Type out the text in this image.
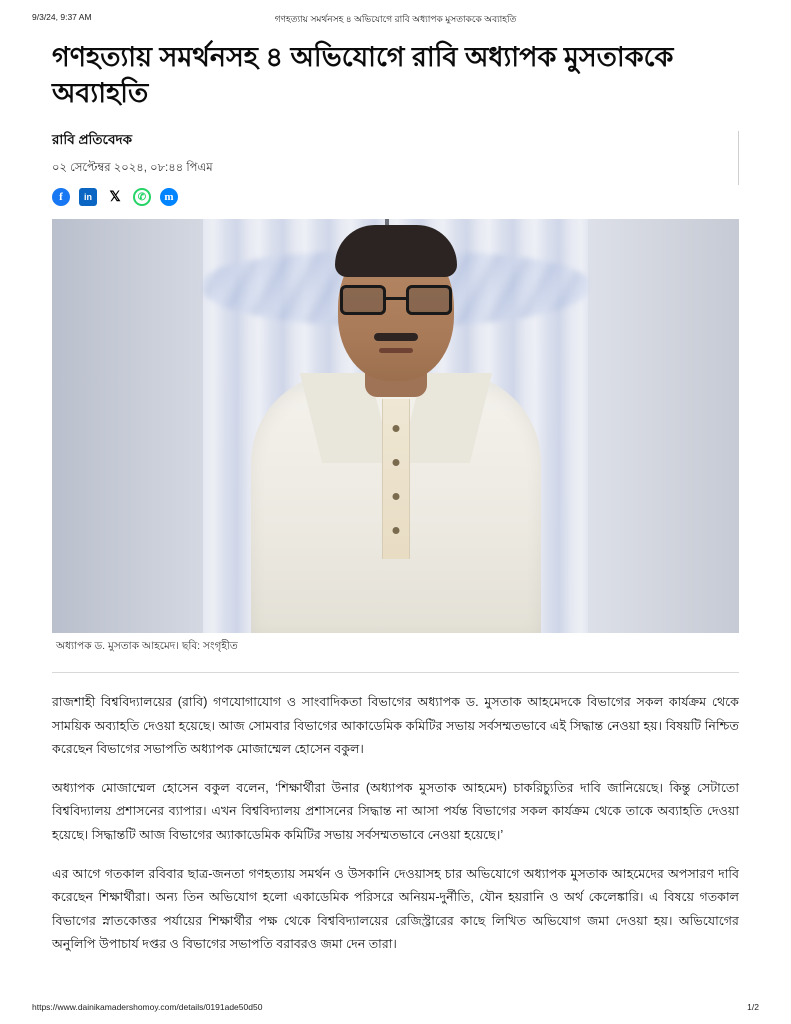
9/3/24, 9:37 AM	গণহত্যায় সমর্থনসহ ৪ অভিযোগে রাবি অধ্যাপক মুসতাককে অব্যাহতি
গণহত্যায় সমর্থনসহ ৪ অভিযোগে রাবি অধ্যাপক মুসতাককে অব্যাহতি
রাবি প্রতিবেদক
০২ সেপ্টেম্বর ২০২৪, ০৮:৪৪ পিএম
f	in	𝕏	✆	m
অধ্যাপক ড. মুসতাক আহমেদ। ছবি: সংগৃহীত

রাজশাহী বিশ্ববিদ্যালয়ের (রাবি) গণযোগাযোগ ও সাংবাদিকতা বিভাগের অধ্যাপক ড. মুসতাক আহমেদকে বিভাগের সকল কার্যক্রম থেকে সাময়িক অব্যাহতি দেওয়া হয়েছে। আজ সোমবার বিভাগের আকাডেমিক কমিটির সভায় সর্বসম্মতভাবে এই সিদ্ধান্ত নেওয়া হয়। বিষয়টি নিশ্চিত করেছেন বিভাগের সভাপতি অধ্যাপক মোজাম্মেল হোসেন বকুল।

অধ্যাপক মোজাম্মেল হোসেন বকুল বলেন, ‘শিক্ষার্থীরা উনার (অধ্যাপক মুসতাক আহমেদ) চাকরিচ্যুতির দাবি জানিয়েছে। কিন্তু সেটাতো বিশ্ববিদ্যালয় প্রশাসনের ব্যাপার। এখন বিশ্ববিদ্যালয় প্রশাসনের সিদ্ধান্ত না আসা পর্যন্ত বিভাগের সকল কার্যক্রম থেকে তাকে অব্যাহতি দেওয়া হয়েছে। সিদ্ধান্তটি আজ বিভাগের অ্যাকাডেমিক কমিটির সভায় সর্বসম্মতভাবে নেওয়া হয়েছে।’

এর আগে গতকাল রবিবার ছাত্র-জনতা গণহত্যায় সমর্থন ও উসকানি দেওয়াসহ চার অভিযোগে অধ্যাপক মুসতাক আহমেদের অপসারণ দাবি করেছেন শিক্ষার্থীরা। অন্য তিন অভিযোগ হলো একাডেমিক পরিসরে অনিয়ম-দুর্নীতি, যৌন হয়রানি ও অর্থ কেলেঙ্কারি। এ বিষয়ে গতকাল বিভাগের স্নাতকোত্তর পর্যায়ের শিক্ষার্থীর পক্ষ থেকে বিশ্ববিদ্যালয়ের রেজিস্ট্রারের কাছে লিখিত অভিযোগ জমা দেওয়া হয়। অভিযোগের অনুলিপি উপাচার্য দপ্তর ও বিভাগের সভাপতি বরাবরও জমা দেন তারা।

https://www.dainikamadershomoy.com/details/0191ade50d50	1/2
